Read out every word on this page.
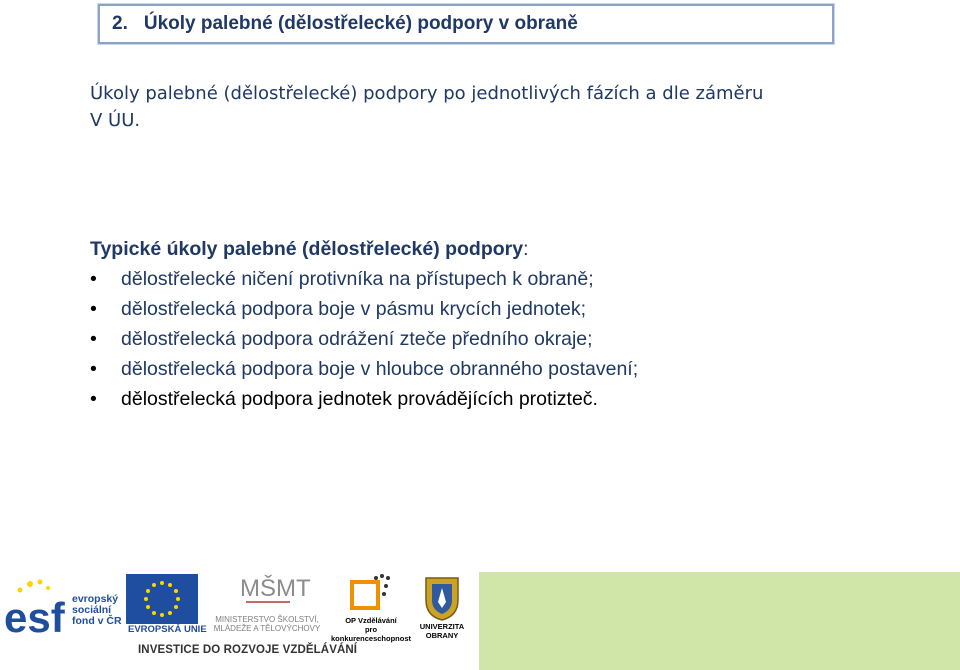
2. Úkoly palebné (dělostřelecké) podpory v obraně
Úkoly palebné (dělostřelecké) podpory po jednotlivých fázích a dle záměru
V ÚU.
Typické úkoly palebné (dělostřelecké) podpory:
• dělostřelecké ničení protivníka na přístupech k obraně;
• dělostřelecká podpora boje v pásmu krycích jednotek;
• dělostřelecká podpora odrážení zteče předního okraje;
• dělostřelecká podpora boje v hloubce obranného postavení;
• dělostřelecká podpora jednotek provádějících protizteč.
esf evropský
sociální
fond v ČR
EVROPSKÁ UNIE
MŠMT
MINISTERSTVO ŠKOLSTVÍ,
MLÁDEŽE A TĚLOVÝCHOVY
OP Vzdělávání
pro konkurenceschopnost
UNIVERZITA
OBRANY
INVESTICE DO ROZVOJE VZDĚLÁVÁNÍ
